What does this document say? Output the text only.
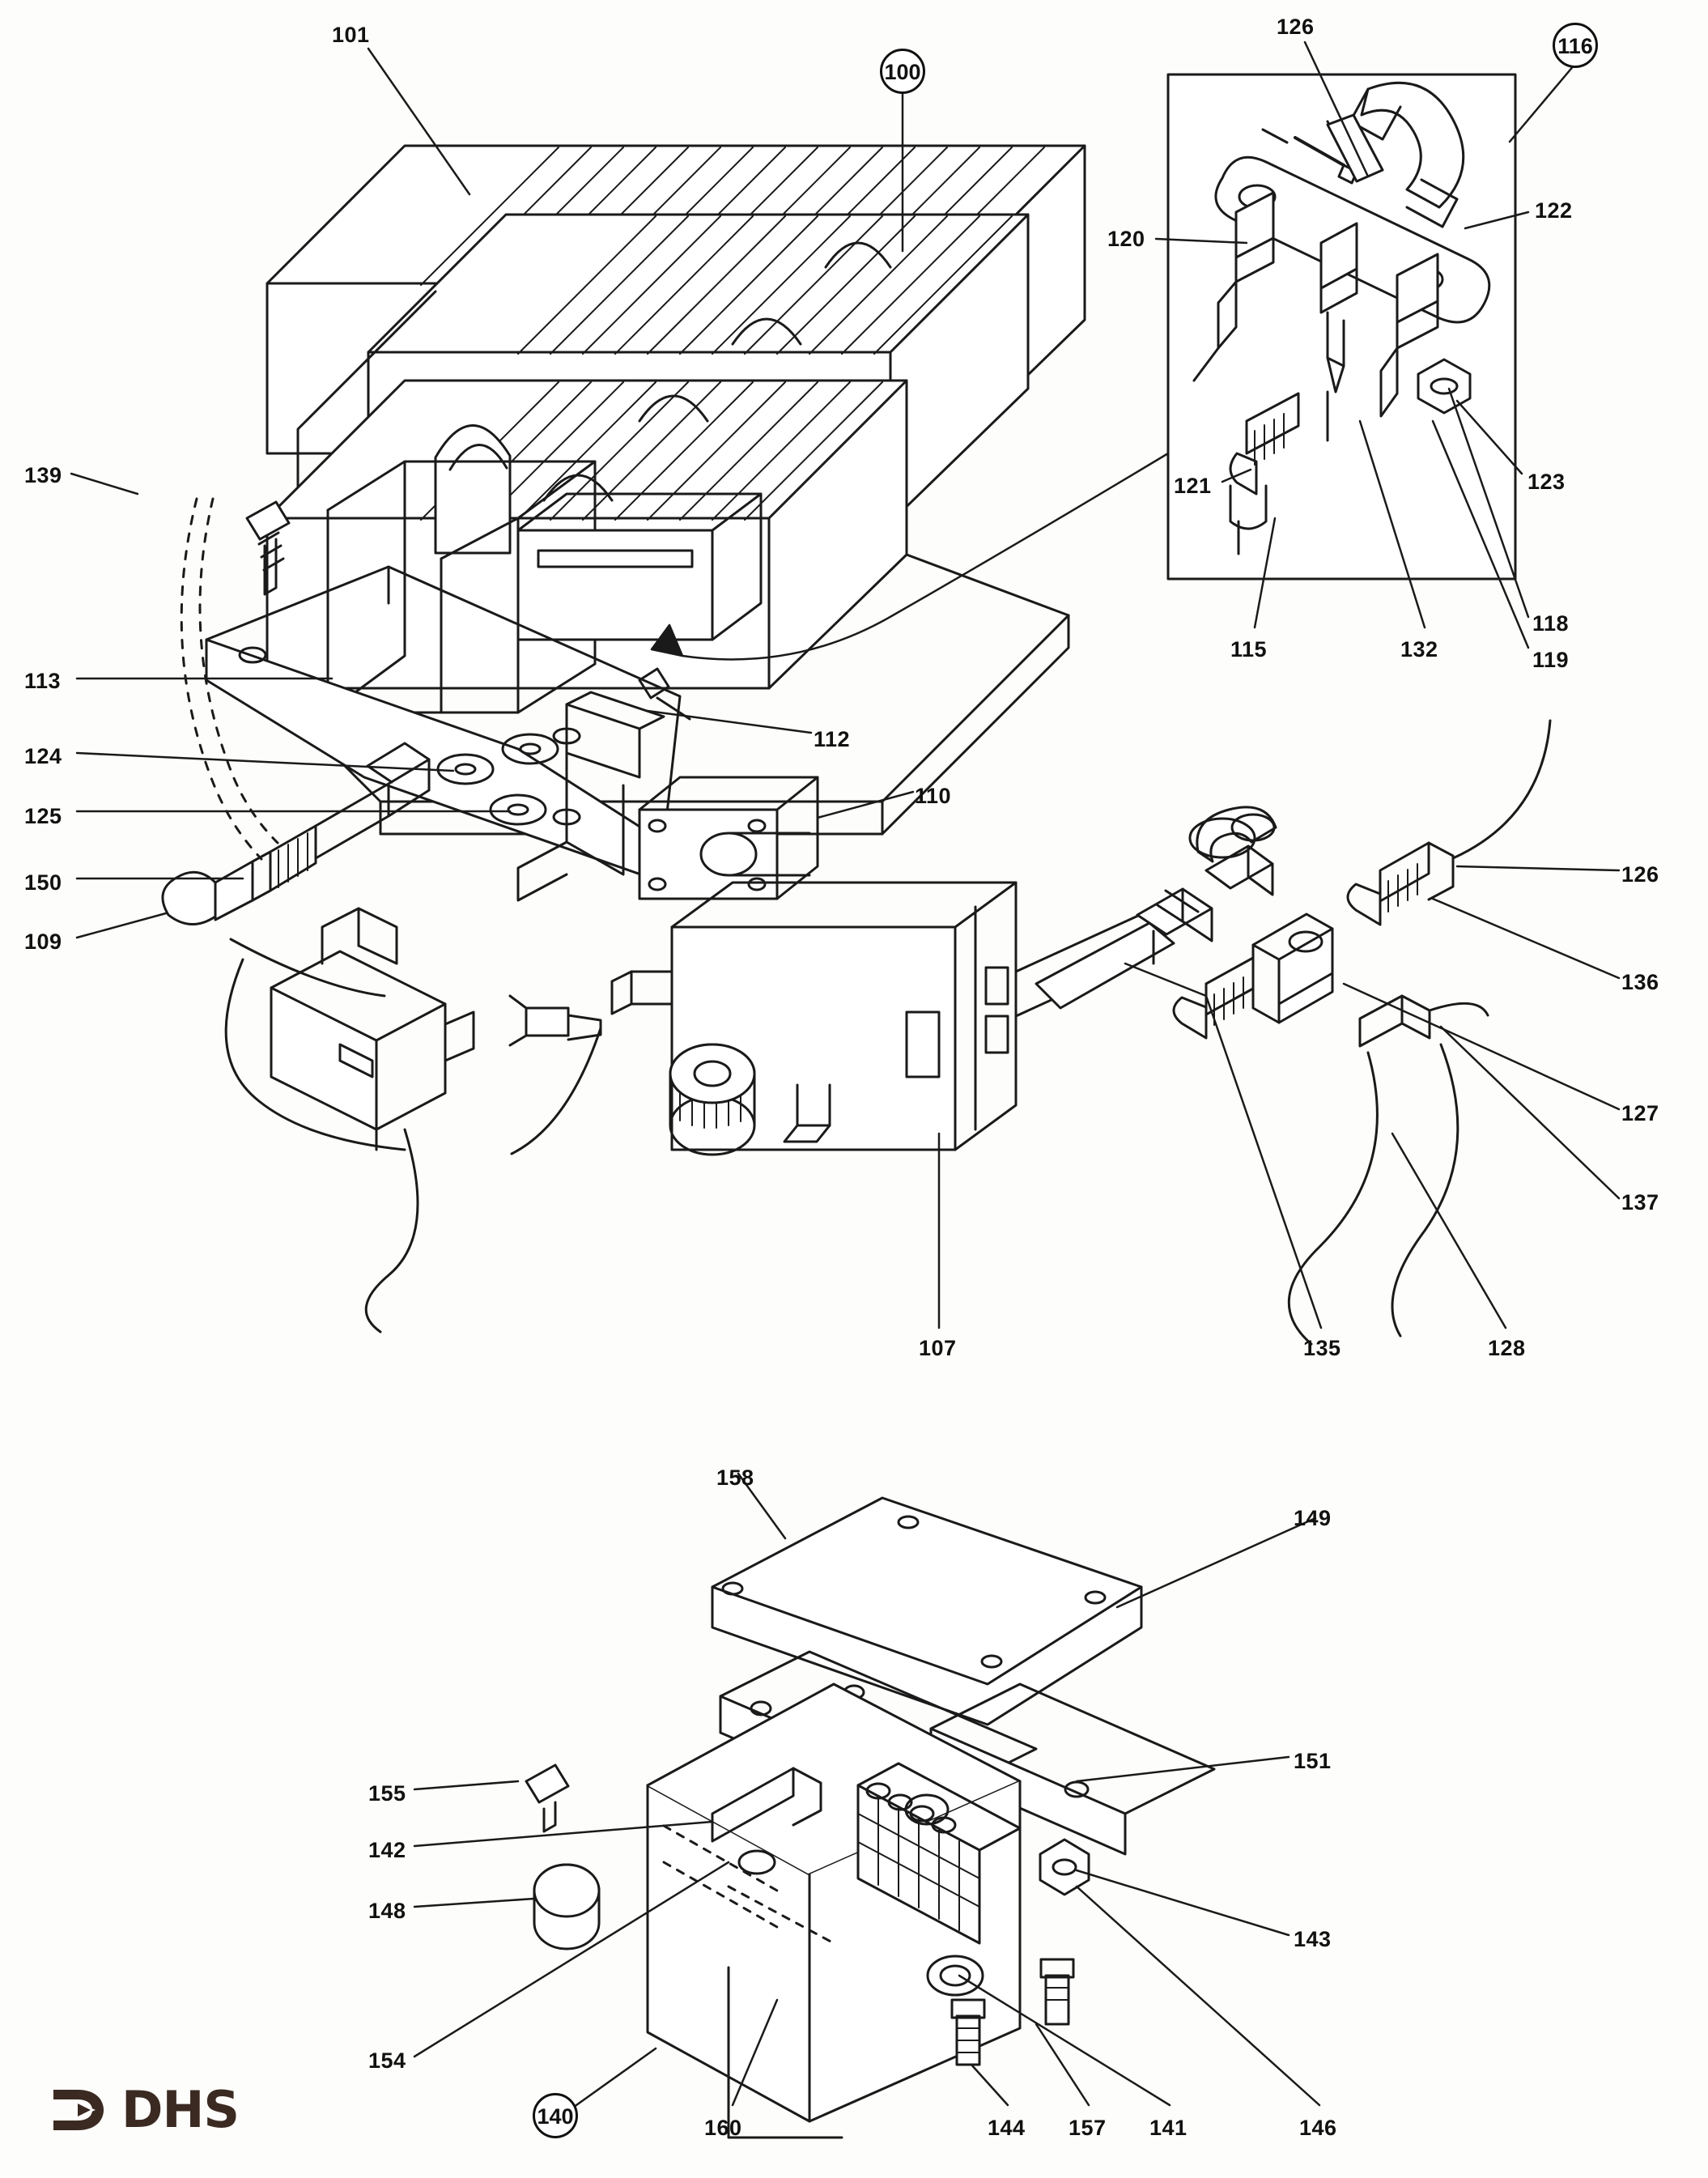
101
100
126
116
122
120
123
121
118
119
115	132
139
113
112
124
110
125
150	126
109
136
127
137
107	135	128
158
149
151
155
142
148
143
154
140	160	144 157 141	146
DHS
